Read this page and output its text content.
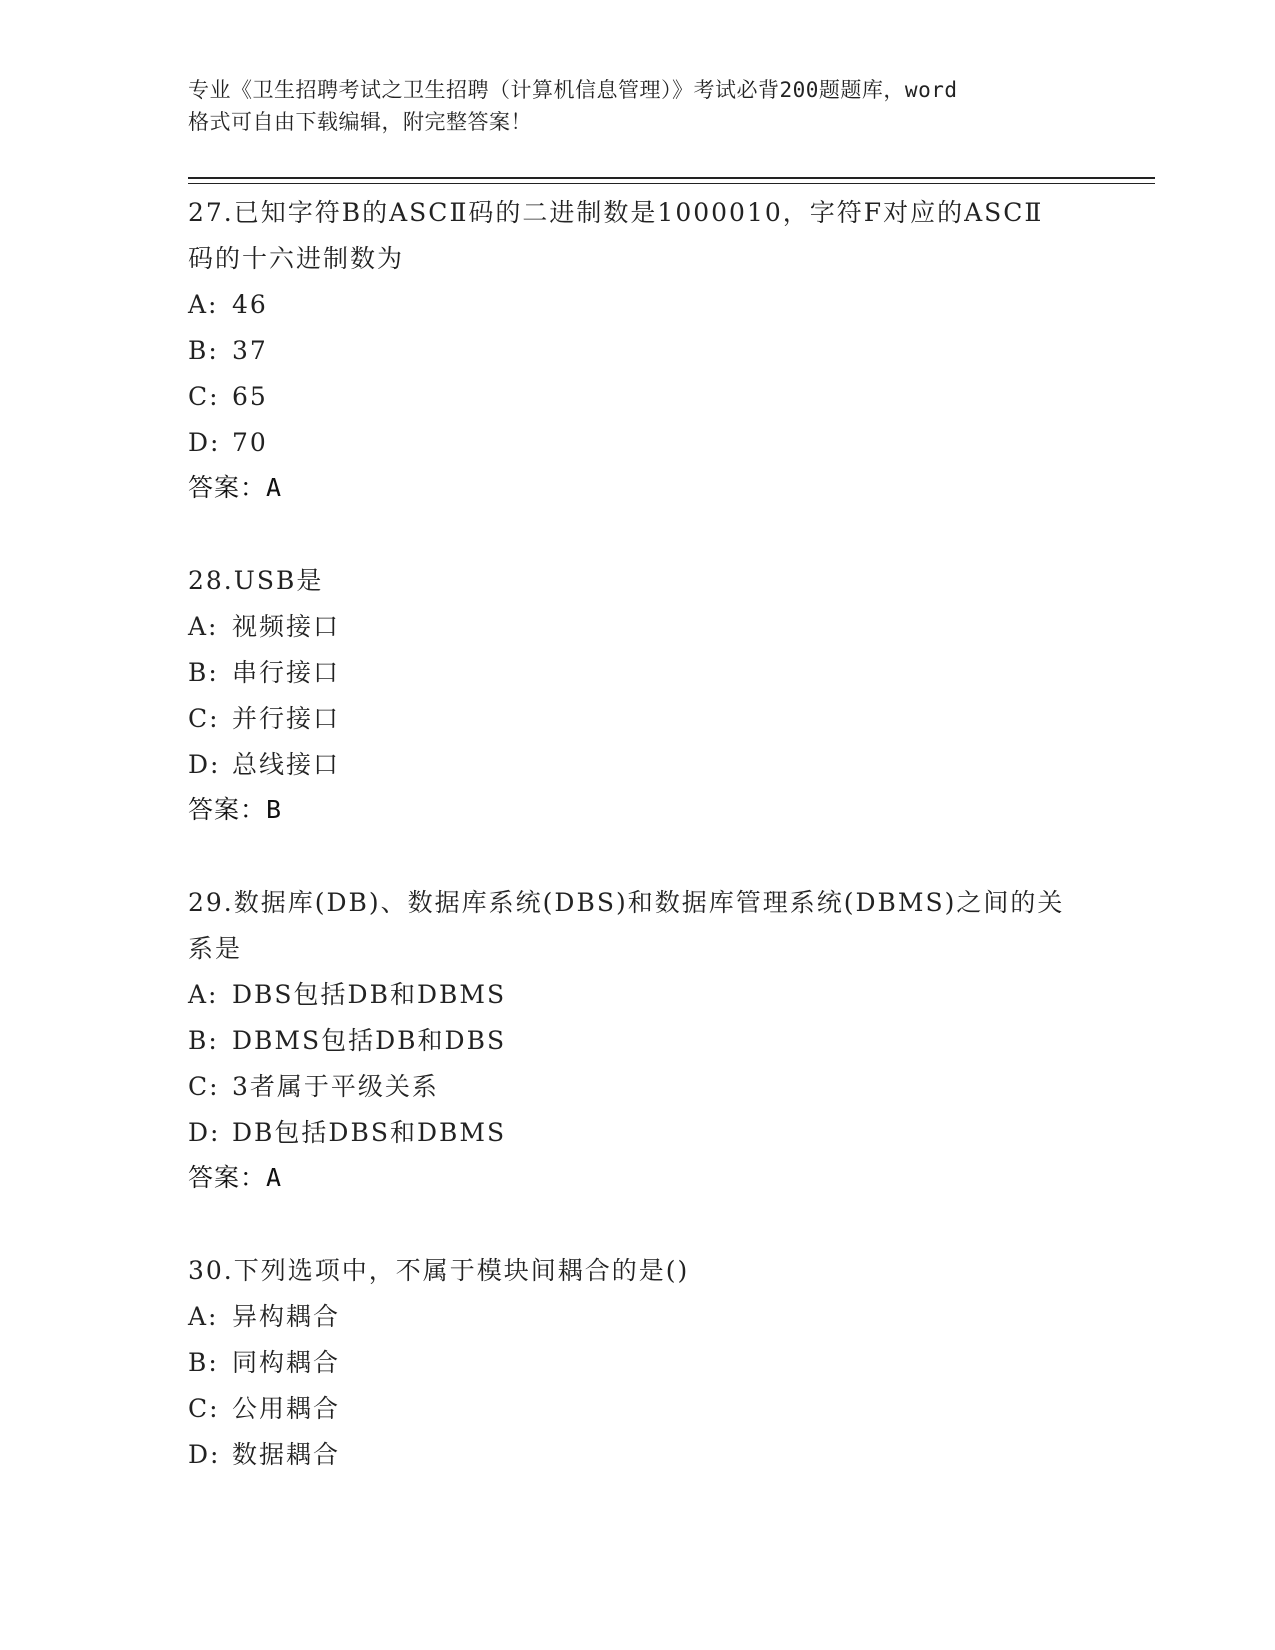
专业《卫生招聘考试之卫生招聘（计算机信息管理）》考试必背200题题库，word
格式可自由下载编辑，附完整答案！
27.已知字符B的ASCⅡ码的二进制数是1000010，字符F对应的ASCⅡ
码的十六进制数为
A: 46
B: 37
C: 65
D: 70
答案：A
28.USB是
A: 视频接口
B: 串行接口
C: 并行接口
D: 总线接口
答案：B
29.数据库(DB)、数据库系统(DBS)和数据库管理系统(DBMS)之间的关
系是
A: DBS包括DB和DBMS
B: DBMS包括DB和DBS
C: 3者属于平级关系
D: DB包括DBS和DBMS
答案：A
30.下列选项中，不属于模块间耦合的是()
A: 异构耦合
B: 同构耦合
C: 公用耦合
D: 数据耦合
